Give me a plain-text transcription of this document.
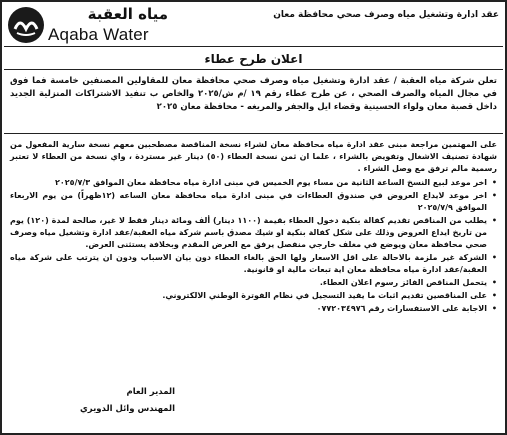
مياه العقبة
Aqaba Water
عقد ادارة وتشغيل مياه وصرف صحي محافظة معان
اعلان طرح عطاء
تعلن شركة مياه العقبة / عقد ادارة وتشغيل مياه وصرف صحي محافظة معان للمقاولين المصنفين خامسة فما فوق في مجال المياه والصرف الصحي ، عن طرح عطاء رقم ١٩ /م ش/٢٠٢٥ والخاص ب تنفيذ الاشتراكات المنزلية الجديد داخل قصبة معان ولواء الحسينية وقضاء ايل والجفر والمريغه - محافظة معان ٢٠٢٥
على المهتمين مراجعة مبنى عقد ادارة مياه محافظة معان لشراء نسخة المناقصة مصطحبين معهم نسخة سارية المفعول من شهادة تصنيف الاشغال وتفويض بالشراء ، علما ان ثمن نسخة العطاء (٥٠) دينار غير مستردة ، واي نسخة من العطاء لا تعتبر رسمية مالم ترفق مع وصل الشراء .
• اخر موعد لبيع النسخ الساعة الثانية من مساء يوم الخميس في مبنى ادارة مياه محافظة معان الموافق ٢٠٢٥/٧/٣
• اخر موعد لايداع العروض في صندوق العطاءات في مبنى ادارة مياه محافظة معان الساعه (١٢ظهراً) من يوم الاربعاء الموافق ٢٠٢٥/٧/٩
• يطلب من المناقص تقديم كفالة بنكية دخول العطاء بقيمة (١١٠٠ دينار) ألف ومائة دينار فقط لا غير، صالحة لمدة (١٢٠) يوم من تاريخ ايداع العروض وذلك على شكل كفالة بنكية او شيك مصدق باسم شركة مياه العقبة/عقد ادارة وتشغيل مياه وصرف صحي محافظة معان ويوضع في مغلف خارجي منفصل يرفق مع العرض المقدم وبخلافة يستثنى العرض.
• الشركة غير ملزمة بالاحالة على اقل الاسعار ولها الحق بالغاء العطاء دون بيان الاسباب ودون ان يترتب على شركة مياه العقبة/عقد ادارة مياه محافظة معان اية تبعات مالية او قانونية.
• يتحمل المناقص الفائز رسوم اعلان العطاء.
• على المناقصين تقديم اثبات ما يفيد التسجيل في نظام الفوترة الوطني الالكتروني.
• الاجابة على الاستفسارات رقم ٠٧٧٢٠٣٤٩٧٦
المدير العام
المهندس وائل الدويري
